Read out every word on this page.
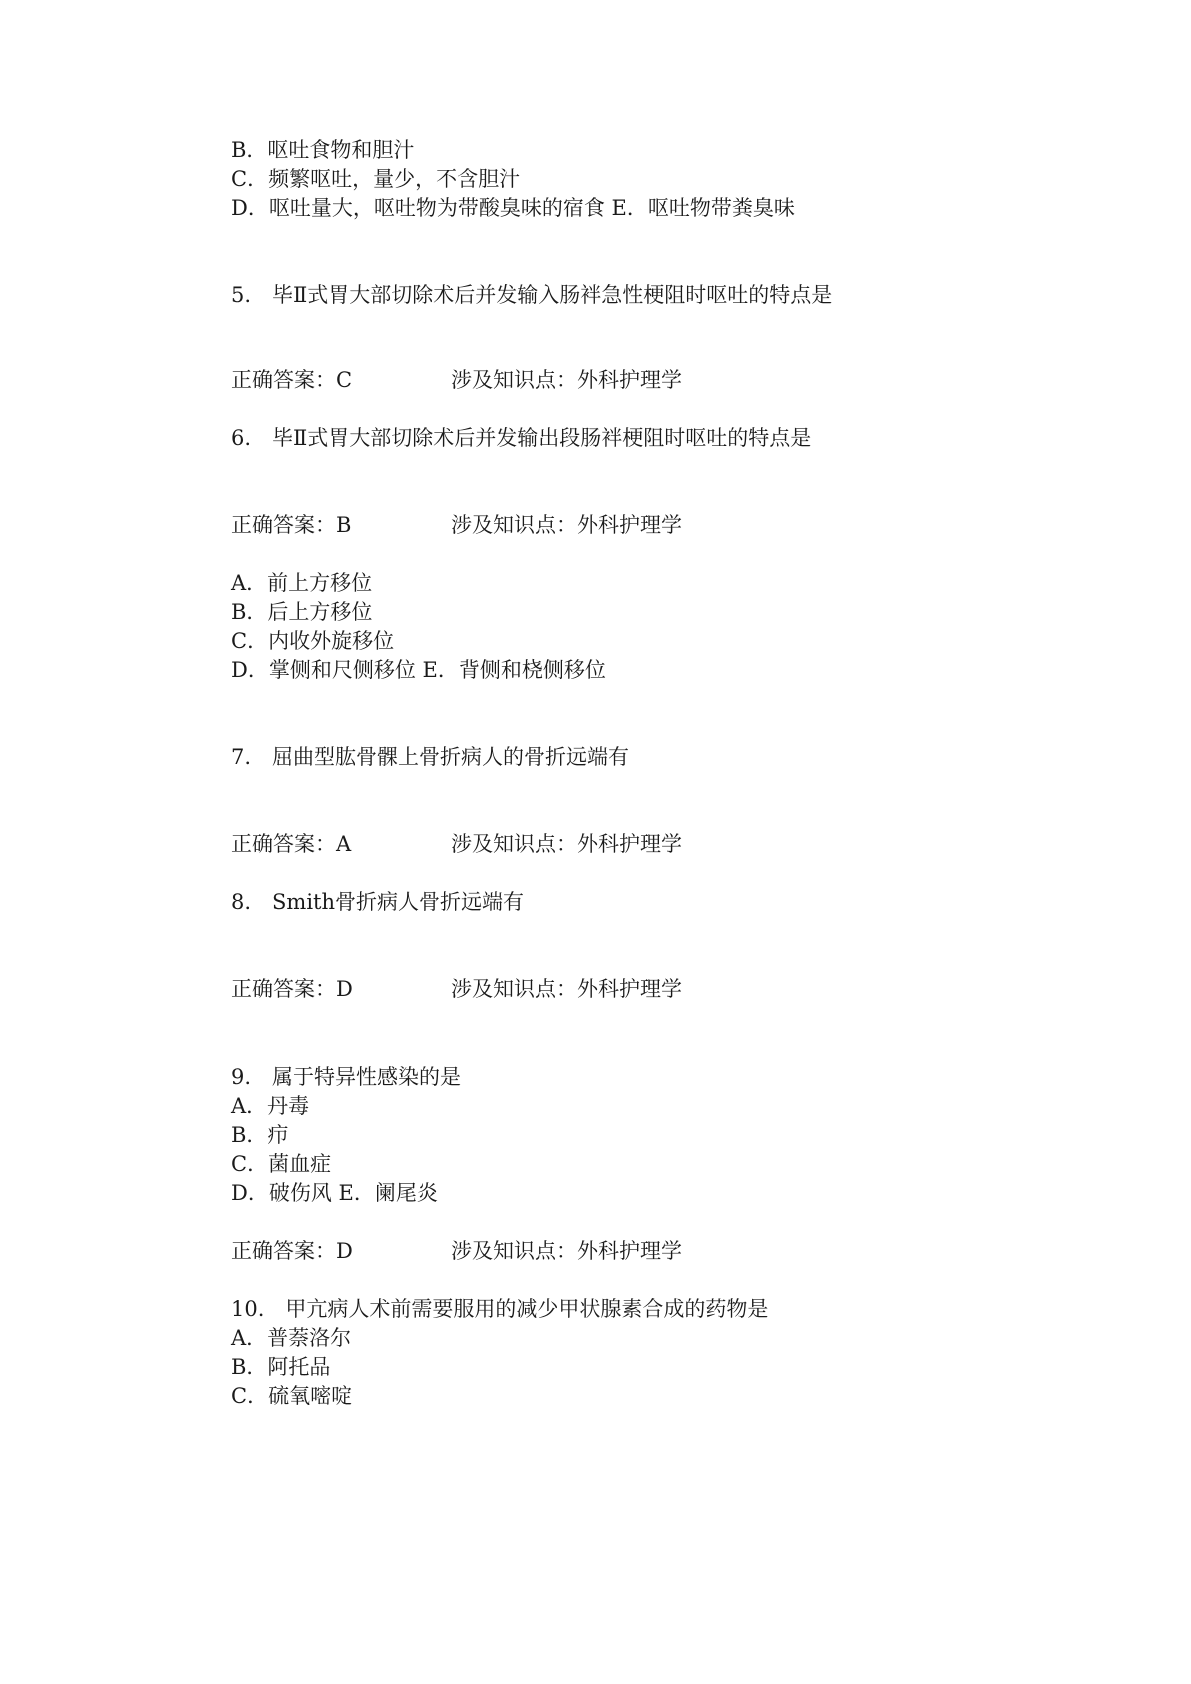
B．呕吐食物和胆汁

C．频繁呕吐，量少，不含胆汁

D．呕吐量大，呕吐物为带酸臭味的宿食 E．呕吐物带粪臭味

5.　毕Ⅱ式胃大部切除术后并发输入肠袢急性梗阻时呕吐的特点是

正确答案：C	涉及知识点：外科护理学

6.　毕Ⅱ式胃大部切除术后并发输出段肠袢梗阻时呕吐的特点是

正确答案：B	涉及知识点：外科护理学

A．前上方移位

B．后上方移位

C．内收外旋移位

D．掌侧和尺侧移位 E．背侧和桡侧移位

7.　屈曲型肱骨髁上骨折病人的骨折远端有

正确答案：A	涉及知识点：外科护理学

8.　Smith骨折病人骨折远端有

正确答案：D	涉及知识点：外科护理学

9.　属于特异性感染的是

A．丹毒

B．疖

C．菌血症

D．破伤风 E．阑尾炎

正确答案：D	涉及知识点：外科护理学

10.　甲亢病人术前需要服用的减少甲状腺素合成的药物是

A．普萘洛尔

B．阿托品

C．硫氧嘧啶
